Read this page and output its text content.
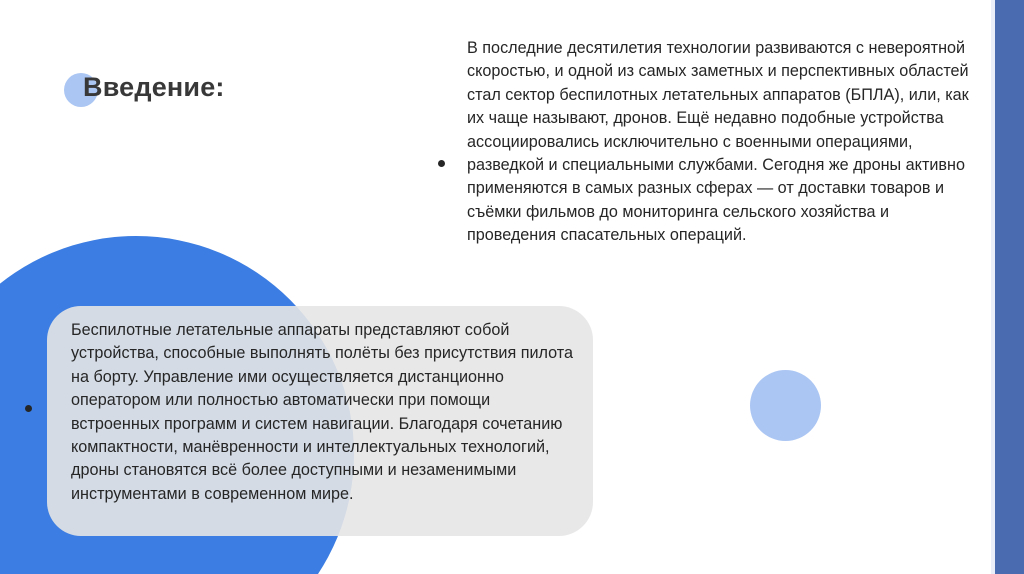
Введение:

В последние десятилетия технологии развиваются с невероятной скоростью, и одной из самых заметных и перспективных областей стал сектор беспилотных летательных аппаратов (БПЛА), или, как их чаще называют, дронов. Ещё недавно подобные устройства ассоциировались исключительно с военными операциями, разведкой и специальными службами. Сегодня же дроны активно применяются в самых разных сферах — от доставки товаров и съёмки фильмов до мониторинга сельского хозяйства и проведения спасательных операций.

Беспилотные летательные аппараты представляют собой устройства, способные выполнять полёты без присутствия пилота на борту. Управление ими осуществляется дистанционно оператором или полностью автоматически при помощи встроенных программ и систем навигации. Благодаря сочетанию компактности, манёвренности и интеллектуальных технологий, дроны становятся всё более доступными и незаменимыми инструментами в современном мире.
